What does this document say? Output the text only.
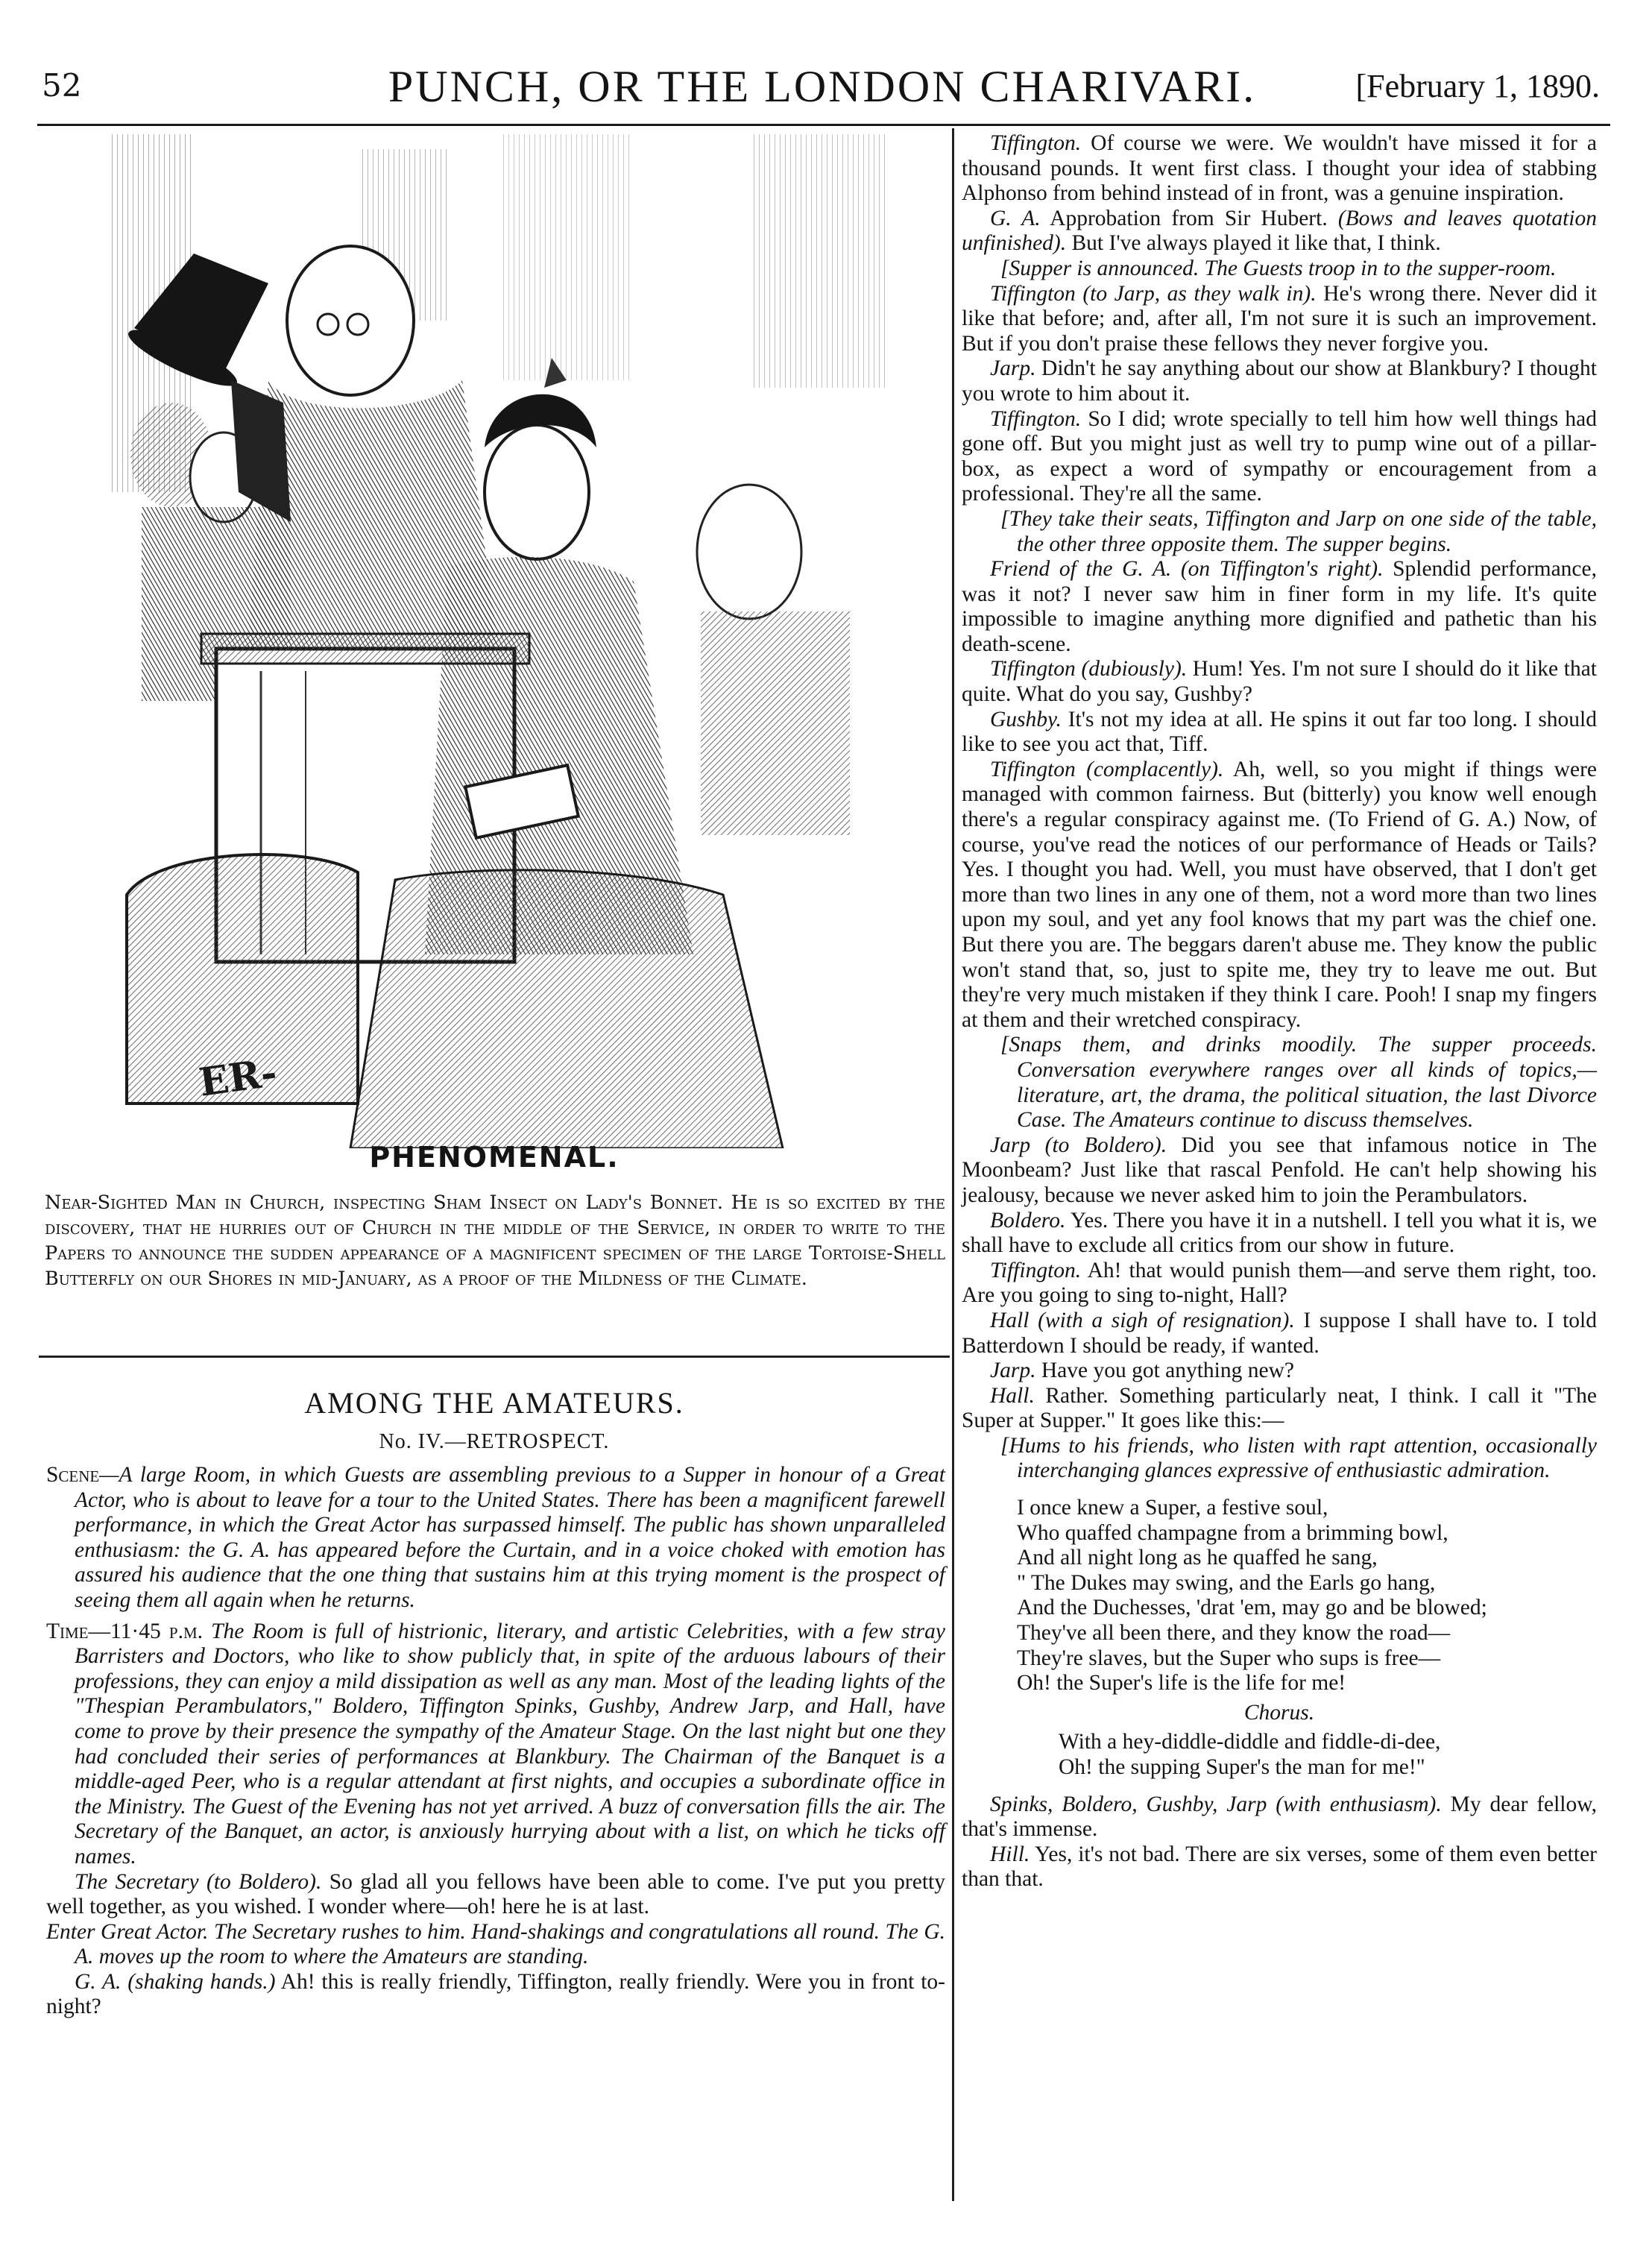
52	PUNCH, OR THE LONDON CHARIVARI.	[February 1, 1890.
ER-
PHENOMENAL.
Near-Sighted Man in Church, inspecting Sham Insect on Lady's Bonnet. He is so excited by the discovery, that he hurries out of Church in the middle of the Service, in order to write to the Papers to announce the sudden appearance of a magnificent specimen of the large Tortoise-Shell Butterfly on our Shores in mid-January, as a proof of the Mildness of the Climate.
AMONG THE AMATEURS.
No. IV.—RETROSPECT.

Scene—A large Room, in which Guests are assembling previous to a Supper in honour of a Great Actor, who is about to leave for a tour to the United States. There has been a magnificent farewell performance, in which the Great Actor has surpassed himself. The public has shown unparalleled enthusiasm: the G. A. has appeared before the Curtain, and in a voice choked with emotion has assured his audience that the one thing that sustains him at this trying moment is the prospect of seeing them all again when he returns.

Time—11·45 p.m. The Room is full of histrionic, literary, and artistic Celebrities, with a few stray Barristers and Doctors, who like to show publicly that, in spite of the arduous labours of their professions, they can enjoy a mild dissipation as well as any man. Most of the leading lights of the "Thespian Perambulators," Boldero, Tiffington Spinks, Gushby, Andrew Jarp, and Hall, have come to prove by their presence the sympathy of the Amateur Stage. On the last night but one they had concluded their series of performances at Blankbury. The Chairman of the Banquet is a middle-aged Peer, who is a regular attendant at first nights, and occupies a subordinate office in the Ministry. The Guest of the Evening has not yet arrived. A buzz of conversation fills the air. The Secretary of the Banquet, an actor, is anxiously hurrying about with a list, on which he ticks off names.

The Secretary (to Boldero). So glad all you fellows have been able to come. I've put you pretty well together, as you wished. I wonder where—oh! here he is at last.

Enter Great Actor. The Secretary rushes to him. Hand-shakings and congratulations all round. The G. A. moves up the room to where the Amateurs are standing.

G. A. (shaking hands.) Ah! this is really friendly, Tiffington, really friendly. Were you in front to-night?

Tiffington. Of course we were. We wouldn't have missed it for a thousand pounds. It went first class. I thought your idea of stabbing Alphonso from behind instead of in front, was a genuine inspiration.

G. A. Approbation from Sir Hubert. (Bows and leaves quotation unfinished). But I've always played it like that, I think.

[Supper is announced. The Guests troop in to the supper-room.

Tiffington (to Jarp, as they walk in). He's wrong there. Never did it like that before; and, after all, I'm not sure it is such an improvement. But if you don't praise these fellows they never forgive you.

Jarp. Didn't he say anything about our show at Blankbury? I thought you wrote to him about it.

Tiffington. So I did; wrote specially to tell him how well things had gone off. But you might just as well try to pump wine out of a pillar-box, as expect a word of sympathy or encouragement from a professional. They're all the same.

[They take their seats, Tiffington and Jarp on one side of the table, the other three opposite them. The supper begins.

Friend of the G. A. (on Tiffington's right). Splendid performance, was it not? I never saw him in finer form in my life. It's quite impossible to imagine anything more dignified and pathetic than his death-scene.

Tiffington (dubiously). Hum! Yes. I'm not sure I should do it like that quite. What do you say, Gushby?

Gushby. It's not my idea at all. He spins it out far too long. I should like to see you act that, Tiff.

Tiffington (complacently). Ah, well, so you might if things were managed with common fairness. But (bitterly) you know well enough there's a regular conspiracy against me. (To Friend of G. A.) Now, of course, you've read the notices of our performance of Heads or Tails? Yes. I thought you had. Well, you must have observed, that I don't get more than two lines in any one of them, not a word more than two lines upon my soul, and yet any fool knows that my part was the chief one. But there you are. The beggars daren't abuse me. They know the public won't stand that, so, just to spite me, they try to leave me out. But they're very much mistaken if they think I care. Pooh! I snap my fingers at them and their wretched conspiracy.

[Snaps them, and drinks moodily. The supper proceeds. Conversation everywhere ranges over all kinds of topics,—literature, art, the drama, the political situation, the last Divorce Case. The Amateurs continue to discuss themselves.

Jarp (to Boldero). Did you see that infamous notice in The Moonbeam? Just like that rascal Penfold. He can't help showing his jealousy, because we never asked him to join the Perambulators.

Boldero. Yes. There you have it in a nutshell. I tell you what it is, we shall have to exclude all critics from our show in future.

Tiffington. Ah! that would punish them—and serve them right, too. Are you going to sing to-night, Hall?

Hall (with a sigh of resignation). I suppose I shall have to. I told Batterdown I should be ready, if wanted.

Jarp. Have you got anything new?

Hall. Rather. Something particularly neat, I think. I call it "The Super at Supper." It goes like this:—

[Hums to his friends, who listen with rapt attention, occasionally interchanging glances expressive of enthusiastic admiration.

I once knew a Super, a festive soul,
Who quaffed champagne from a brimming bowl,
And all night long as he quaffed he sang,
" The Dukes may swing, and the Earls go hang,
And the Duchesses, 'drat 'em, may go and be blowed;
They've all been there, and they know the road—
They're slaves, but the Super who sups is free—
Oh! the Super's life is the life for me!
Chorus.
With a hey-diddle-diddle and fiddle-di-dee,
Oh! the supping Super's the man for me!"

Spinks, Boldero, Gushby, Jarp (with enthusiasm). My dear fellow, that's immense.

Hill. Yes, it's not bad. There are six verses, some of them even better than that.
